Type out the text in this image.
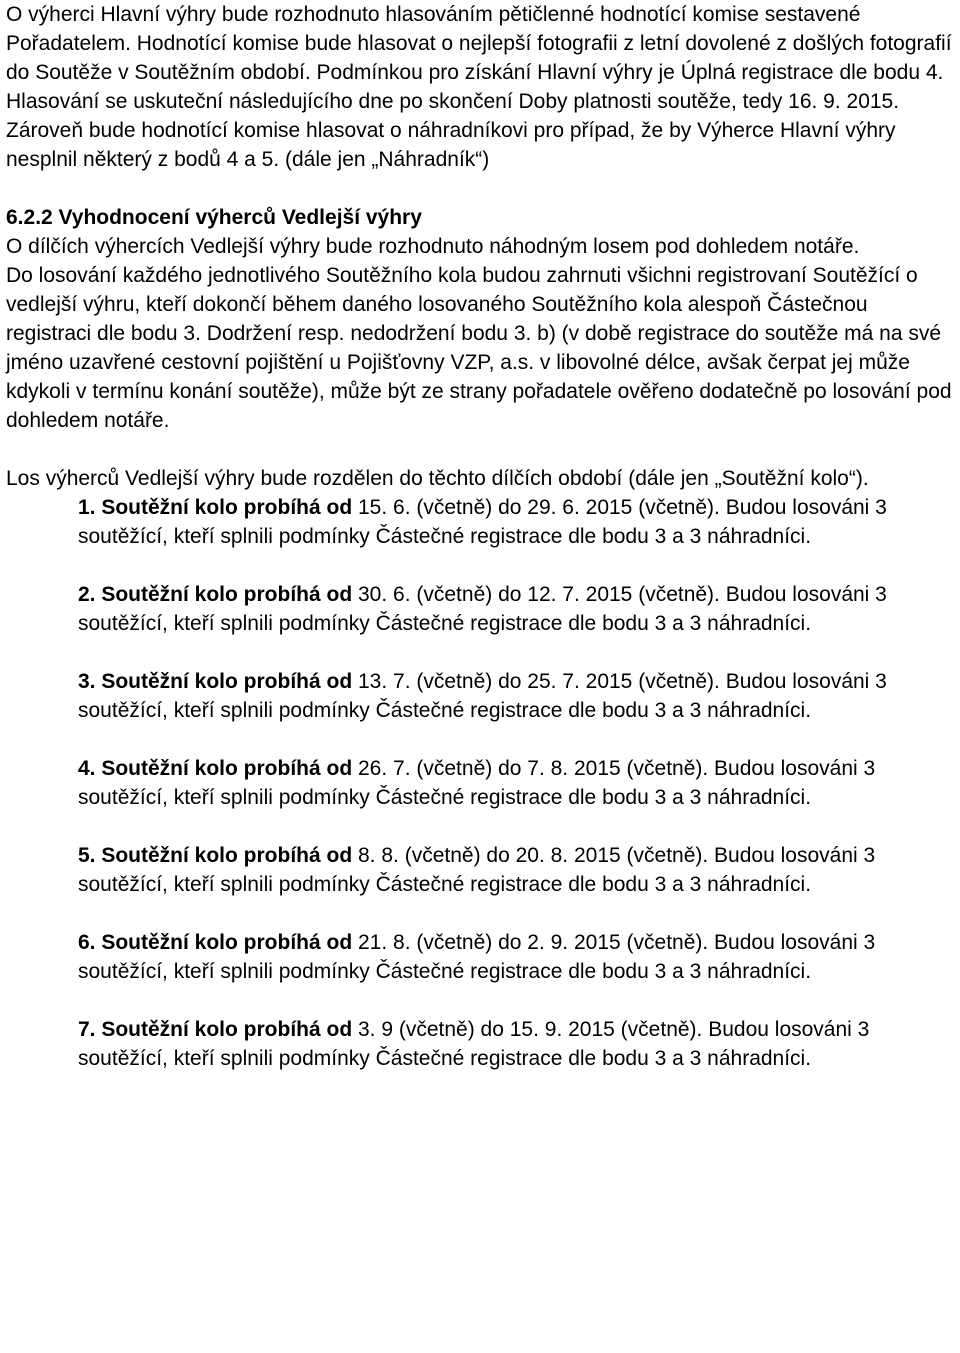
O výherci Hlavní výhry bude rozhodnuto hlasováním pětičlenné hodnotící komise sestavené Pořadatelem. Hodnotící komise bude hlasovat o nejlepší fotografii z letní dovolené z došlých fotografií do Soutěže v Soutěžním období. Podmínkou pro získání Hlavní výhry je Úplná registrace dle bodu 4. Hlasování se uskuteční následujícího dne po skončení Doby platnosti soutěže, tedy 16. 9. 2015. Zároveň bude hodnotící komise hlasovat o náhradníkovi pro případ, že by Výherce Hlavní výhry nesplnil některý z bodů 4 a 5. (dále jen „Náhradník“)

6.2.2 Vyhodnocení výherců Vedlejší výhry

O dílčích výhercích Vedlejší výhry bude rozhodnuto náhodným losem pod dohledem notáře.

Do losování každého jednotlivého Soutěžního kola budou zahrnuti všichni registrovaní Soutěžící o vedlejší výhru, kteří dokončí během daného losovaného Soutěžního kola alespoň Částečnou registraci dle bodu 3. Dodržení resp. nedodržení bodu 3. b) (v době registrace do soutěže má na své jméno uzavřené cestovní pojištění u Pojišťovny VZP, a.s. v libovolné délce, avšak čerpat jej může kdykoli v termínu konání soutěže), může být ze strany pořadatele ověřeno dodatečně po losování pod dohledem notáře.

Los výherců Vedlejší výhry bude rozdělen do těchto dílčích období (dále jen „Soutěžní kolo“).

1. Soutěžní kolo probíhá od 15. 6. (včetně) do 29. 6. 2015 (včetně). Budou losováni 3 soutěžící, kteří splnili podmínky Částečné registrace dle bodu 3 a 3 náhradníci.
2. Soutěžní kolo probíhá od 30. 6. (včetně) do 12. 7. 2015 (včetně). Budou losováni 3 soutěžící, kteří splnili podmínky Částečné registrace dle bodu 3 a 3 náhradníci.
3. Soutěžní kolo probíhá od 13. 7. (včetně) do 25. 7. 2015 (včetně). Budou losováni 3 soutěžící, kteří splnili podmínky Částečné registrace dle bodu 3 a 3 náhradníci.
4. Soutěžní kolo probíhá od 26. 7. (včetně) do 7. 8. 2015 (včetně). Budou losováni 3 soutěžící, kteří splnili podmínky Částečné registrace dle bodu 3 a 3 náhradníci.
5. Soutěžní kolo probíhá od 8. 8. (včetně) do 20. 8. 2015 (včetně). Budou losováni 3 soutěžící, kteří splnili podmínky Částečné registrace dle bodu 3 a 3 náhradníci.
6. Soutěžní kolo probíhá od 21. 8. (včetně) do 2. 9. 2015 (včetně). Budou losováni 3 soutěžící, kteří splnili podmínky Částečné registrace dle bodu 3 a 3 náhradníci.
7. Soutěžní kolo probíhá od 3. 9 (včetně) do 15. 9. 2015 (včetně). Budou losováni 3 soutěžící, kteří splnili podmínky Částečné registrace dle bodu 3 a 3 náhradníci.
